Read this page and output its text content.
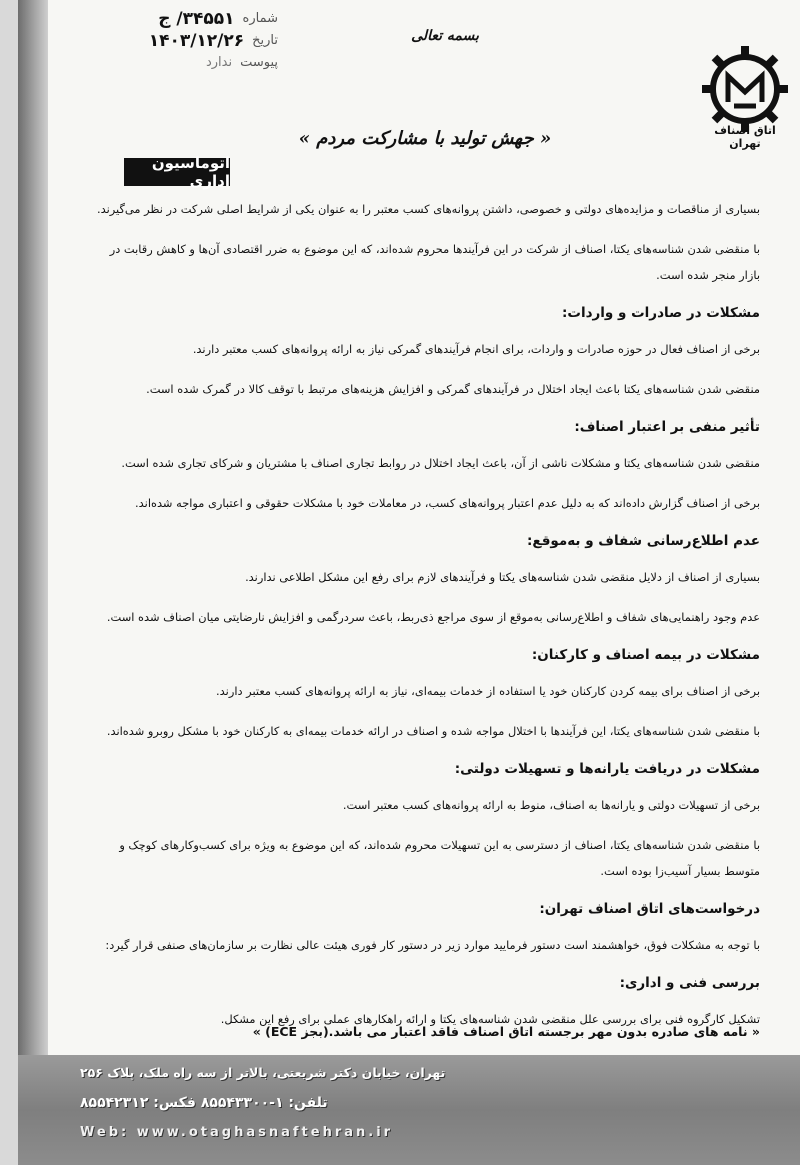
شماره
۳۴۵۵۱/ ج
تاریخ
۱۴۰۳/۱۲/۲۶
پیوست
ندارد
بسمه تعالی
اتاق اصناف تهران
« جهش تولید با مشارکت مردم »
اتوماسیون اداری

بسیاری از مناقصات و مزایده‌های دولتی و خصوصی، داشتن پروانه‌های کسب معتبر را به عنوان یکی از شرایط اصلی شرکت در نظر می‌گیرند.

با منقضی شدن شناسه‌های یکتا، اصناف از شرکت در این فرآیندها محروم شده‌اند، که این موضوع به ضرر اقتصادی آن‌ها و کاهش رقابت در بازار منجر شده است.

مشکلات در صادرات و واردات:

برخی از اصناف فعال در حوزه صادرات و واردات، برای انجام فرآیندهای گمرکی نیاز به ارائه پروانه‌های کسب معتبر دارند.

منقضی شدن شناسه‌های یکتا باعث ایجاد اختلال در فرآیندهای گمرکی و افزایش هزینه‌های مرتبط با توقف کالا در گمرک شده است.

تأثیر منفی بر اعتبار اصناف:

منقضی شدن شناسه‌های یکتا و مشکلات ناشی از آن، باعث ایجاد اختلال در روابط تجاری اصناف با مشتریان و شرکای تجاری شده است.

برخی از اصناف گزارش داده‌اند که به دلیل عدم اعتبار پروانه‌های کسب، در معاملات خود با مشکلات حقوقی و اعتباری مواجه شده‌اند.

عدم اطلاع‌رسانی شفاف و به‌موقع:

بسیاری از اصناف از دلایل منقضی شدن شناسه‌های یکتا و فرآیندهای لازم برای رفع این مشکل اطلاعی ندارند.

عدم وجود راهنمایی‌های شفاف و اطلاع‌رسانی به‌موقع از سوی مراجع ذی‌ربط، باعث سردرگمی و افزایش نارضایتی میان اصناف شده است.

مشکلات در بیمه اصناف و کارکنان:

برخی از اصناف برای بیمه کردن کارکنان خود یا استفاده از خدمات بیمه‌ای، نیاز به ارائه پروانه‌های کسب معتبر دارند.

با منقضی شدن شناسه‌های یکتا، این فرآیندها با اختلال مواجه شده و اصناف در ارائه خدمات بیمه‌ای به کارکنان خود با مشکل روبرو شده‌اند.

مشکلات در دریافت یارانه‌ها و تسهیلات دولتی:

برخی از تسهیلات دولتی و یارانه‌ها به اصناف، منوط به ارائه پروانه‌های کسب معتبر است.

با منقضی شدن شناسه‌های یکتا، اصناف از دسترسی به این تسهیلات محروم شده‌اند، که این موضوع به ویژه برای کسب‌وکارهای کوچک و متوسط بسیار آسیب‌زا بوده است.

درخواست‌های اتاق اصناف تهران:

با توجه به مشکلات فوق، خواهشمند است دستور فرمایید موارد زیر در دستور کار فوری هیئت عالی نظارت بر سازمان‌های صنفی قرار گیرد:

بررسی فنی و اداری:

تشکیل کارگروه فنی برای بررسی علل منقضی شدن شناسه‌های یکتا و ارائه راهکارهای عملی برای رفع این مشکل.

« نامه های صادره بدون مهر برجسته اتاق اصناف فاقد اعتبار می باشد.(بجز ECE) »
تهران، خیابان دکتر شریعتی، بالاتر از سه راه ملک، پلاک ۲۵۶
تلفن: ۱-۸۵۵۴۳۳۰۰ فکس: ۸۵۵۴۲۳۱۲
Web: www.otaghasnaftehran.ir
